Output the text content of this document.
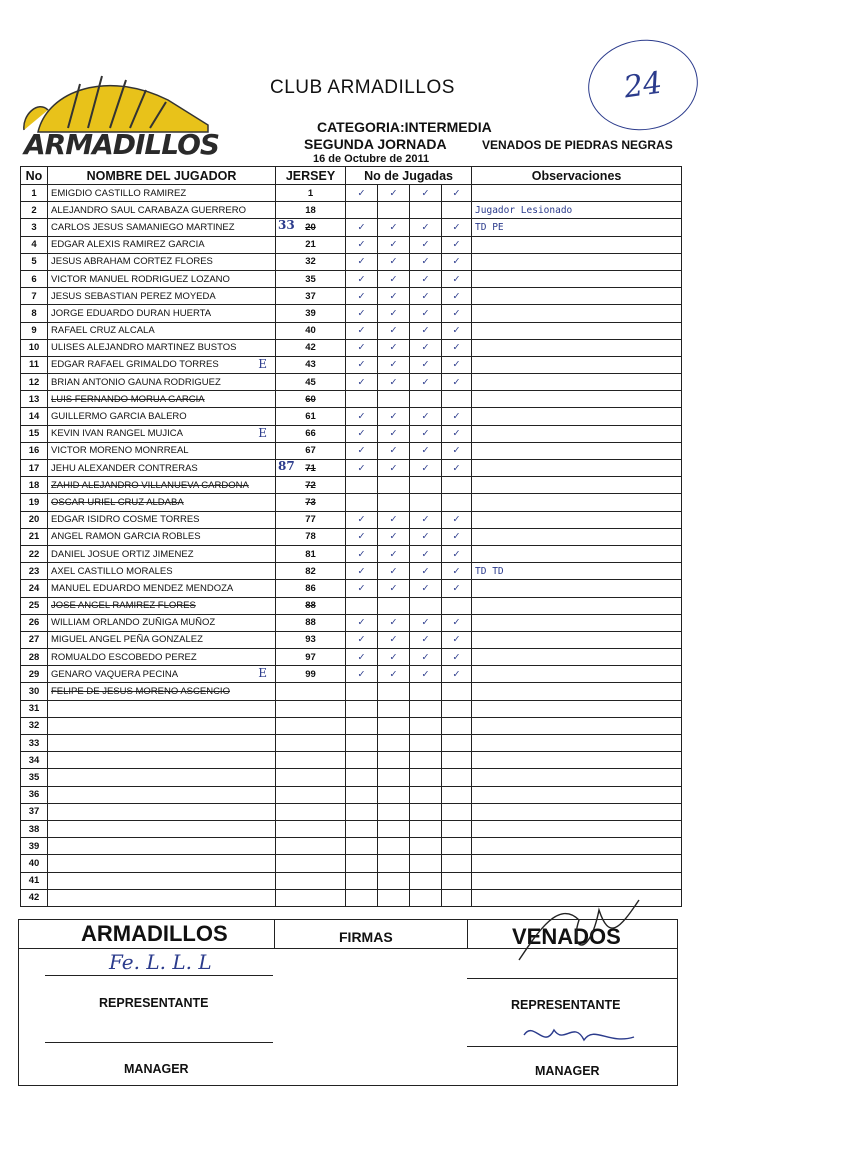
ARMADILLOS
CLUB ARMADILLOS
CATEGORIA:INTERMEDIA
SEGUNDA JORNADA	VENADOS DE PIEDRAS NEGRAS
16 de Octubre de 2011
24
No	NOMBRE DEL JUGADOR	JERSEY	No de Jugadas				Observaciones
1	EMIGDIO CASTILLO RAMIREZ	1	✓	✓	✓	✓	
2	ALEJANDRO SAUL CARABAZA GUERRERO	18					Jugador Lesionado
3	CARLOS JESUS SAMANIEGO MARTINEZ	33 20	✓	✓	✓	✓	TD PE
4	EDGAR ALEXIS RAMIREZ GARCIA	21	✓	✓	✓	✓	
5	JESUS ABRAHAM CORTEZ FLORES	32	✓	✓	✓	✓	
6	VICTOR MANUEL RODRIGUEZ LOZANO	35	✓	✓	✓	✓	
7	JESUS SEBASTIAN PEREZ MOYEDA	37	✓	✓	✓	✓	
8	JORGE EDUARDO DURAN HUERTA	39	✓	✓	✓	✓	
9	RAFAEL CRUZ ALCALA	40	✓	✓	✓	✓	
10	ULISES ALEJANDRO MARTINEZ BUSTOS	42	✓	✓	✓	✓	
11	EDGAR RAFAEL GRIMALDO TORRES E	43	✓	✓	✓	✓	
12	BRIAN ANTONIO GAUNA RODRIGUEZ	45	✓	✓	✓	✓	
13	LUIS FERNANDO MORUA GARCIA	60					
14	GUILLERMO GARCIA BALERO	61	✓	✓	✓	✓	
15	KEVIN IVAN RANGEL MUJICA E	66	✓	✓	✓	✓	
16	VICTOR MORENO MONRREAL	67	✓	✓	✓	✓	
17	JEHU ALEXANDER CONTRERAS	87 71	✓	✓	✓	✓	
18	ZAHID ALEJANDRO VILLANUEVA CARDONA	72					
19	OSCAR URIEL CRUZ ALDABA	73					
20	EDGAR ISIDRO COSME TORRES	77	✓	✓	✓	✓	
21	ANGEL RAMON GARCIA ROBLES	78	✓	✓	✓	✓	
22	DANIEL JOSUE ORTIZ JIMENEZ	81	✓	✓	✓	✓	
23	AXEL CASTILLO MORALES	82	✓	✓	✓	✓	TD TD
24	MANUEL EDUARDO MENDEZ MENDOZA	86	✓	✓	✓	✓	
25	JOSE ANGEL RAMIREZ FLORES	88					
26	WILLIAM ORLANDO ZUÑIGA MUÑOZ	88	✓	✓	✓	✓	
27	MIGUEL ANGEL PEÑA GONZALEZ	93	✓	✓	✓	✓	
28	ROMUALDO ESCOBEDO PEREZ	97	✓	✓	✓	✓	
29	GENARO VAQUERA PECINA E	99	✓	✓	✓	✓	
30	FELIPE DE JESUS MORENO ASCENCIO						
31							
32							
33							
34							
35							
36							
37							
38							
39							
40							
41							
42							
ARMADILLOS	FIRMAS	VENADOS
Fe. L. L. L
REPRESENTANTE
MANAGER
REPRESENTANTE
MANAGER
